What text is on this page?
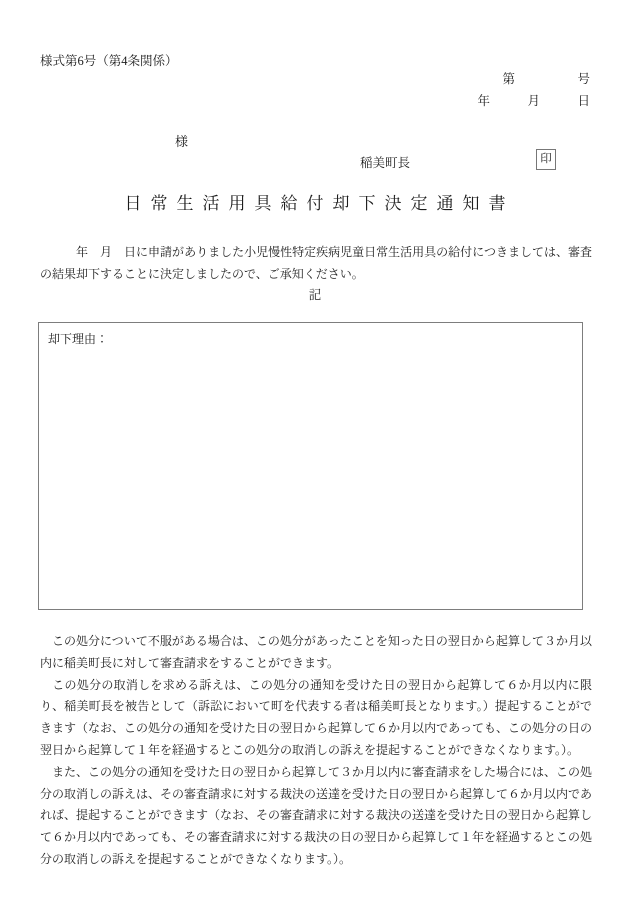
様式第6号（第4条関係）
第　　　　　号
年　　　月　　　日
様
稲美町長	印
日常生活用具給付却下決定通知書

　　　年　月　日に申請がありました小児慢性特定疾病児童日常生活用具の給付につきましては、審査の結果却下することに決定しましたので、ご承知ください。

記
却下理由：

　この処分について不服がある場合は、この処分があったことを知った日の翌日から起算して３か月以内に稲美町長に対して審査請求をすることができます。

　この処分の取消しを求める訴えは、この処分の通知を受けた日の翌日から起算して６か月以内に限り、稲美町長を被告として（訴訟において町を代表する者は稲美町長となります。）提起することができます（なお、この処分の通知を受けた日の翌日から起算して６か月以内であっても、この処分の日の翌日から起算して１年を経過するとこの処分の取消しの訴えを提起することができなくなります。）。

　また、この処分の通知を受けた日の翌日から起算して３か月以内に審査請求をした場合には、この処分の取消しの訴えは、その審査請求に対する裁決の送達を受けた日の翌日から起算して６か月以内であれば、提起することができます（なお、その審査請求に対する裁決の送達を受けた日の翌日から起算して６か月以内であっても、その審査請求に対する裁決の日の翌日から起算して１年を経過するとこの処分の取消しの訴えを提起することができなくなります。）。
